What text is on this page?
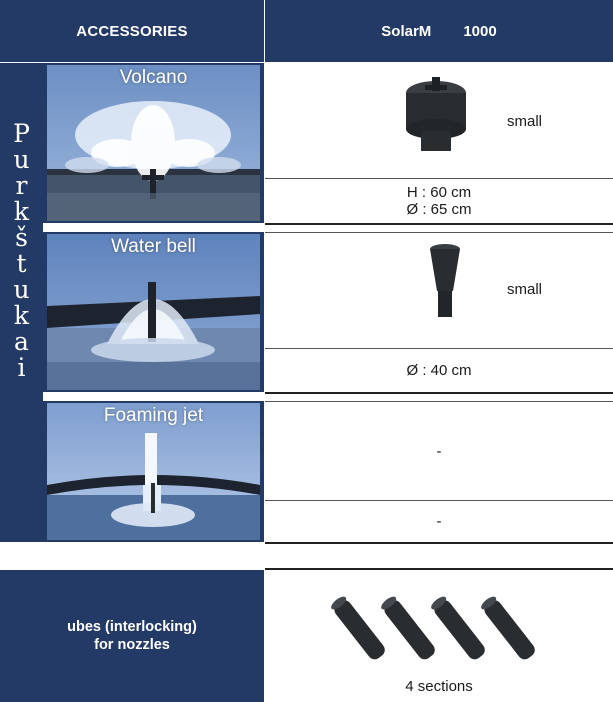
ACCESSORIES	SolarM 1000
P
u
r
k
š
t
u
k
a
i
Volcano
Water bell
Foaming jet
small
H : 60 cm
Ø : 65 cm
small
Ø : 40 cm
-
-
ubes (interlocking)
for nozzles
4 sections
